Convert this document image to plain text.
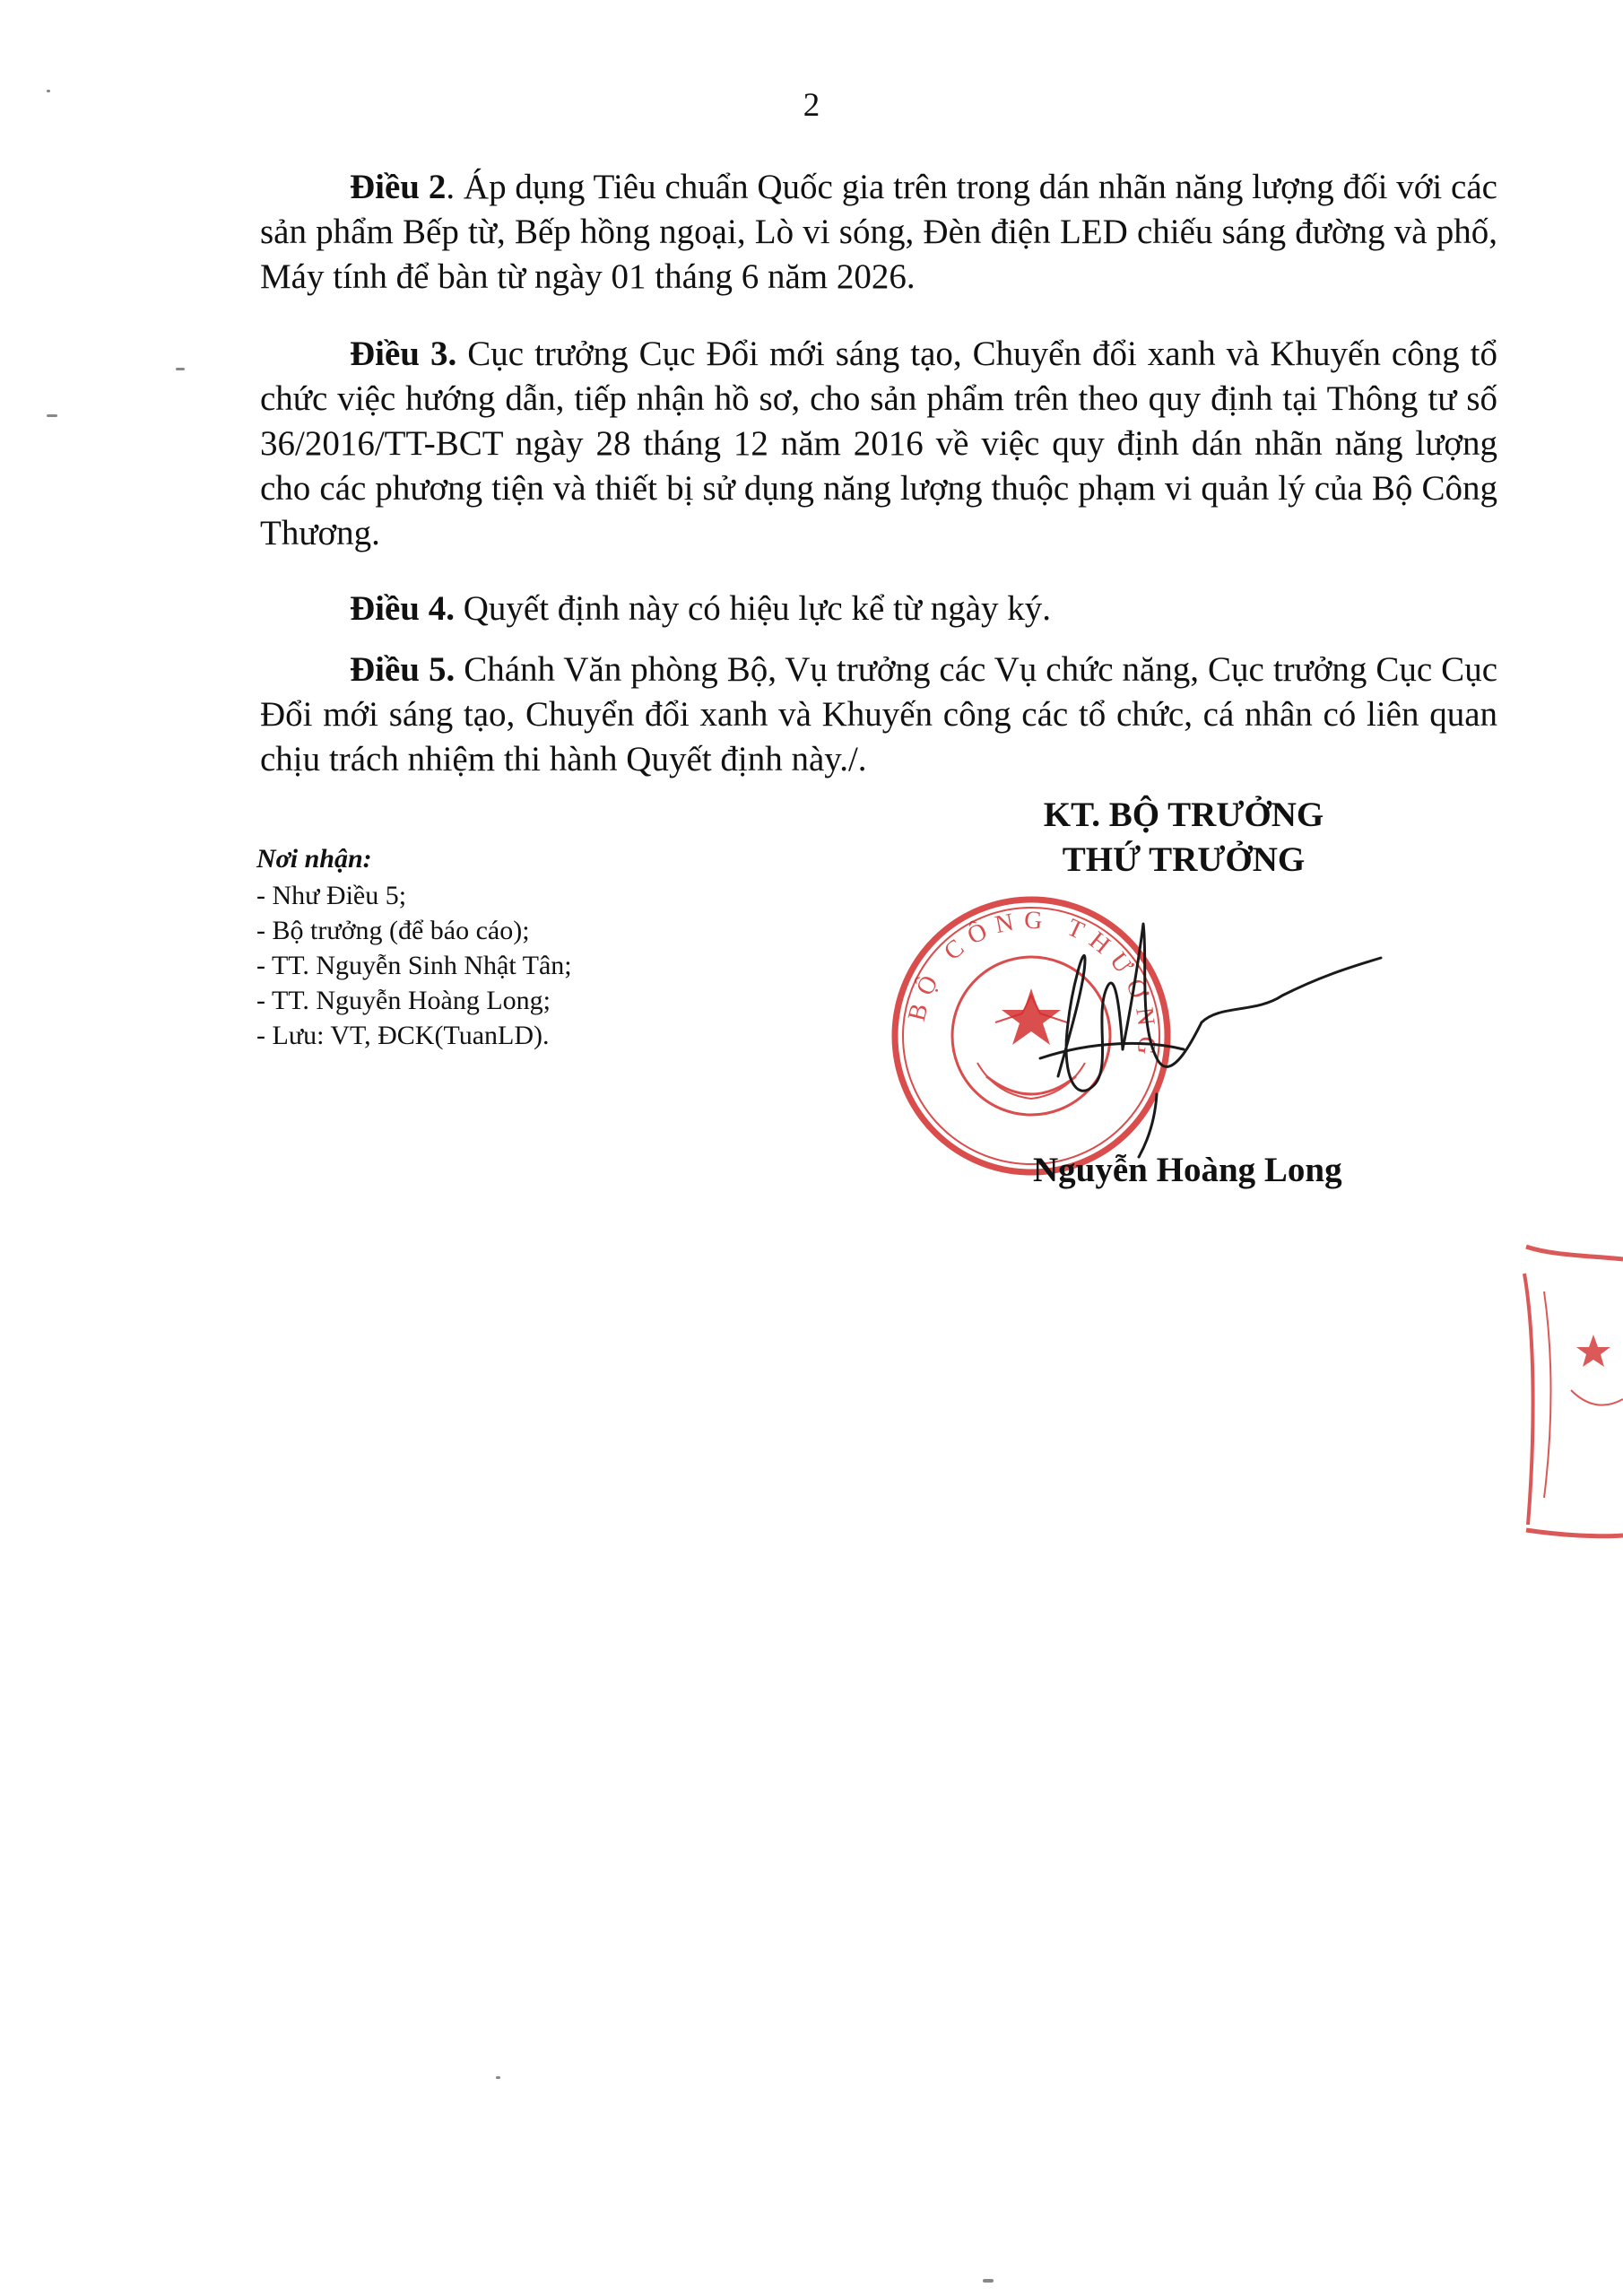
2

Điều 2. Áp dụng Tiêu chuẩn Quốc gia trên trong dán nhãn năng lượng đối với các sản phẩm Bếp từ, Bếp hồng ngoại, Lò vi sóng, Đèn điện LED chiếu sáng đường và phố, Máy tính để bàn từ ngày 01 tháng 6 năm 2026.

Điều 3. Cục trưởng Cục Đổi mới sáng tạo, Chuyển đổi xanh và Khuyến công tổ chức việc hướng dẫn, tiếp nhận hồ sơ, cho sản phẩm trên theo quy định tại Thông tư số 36/2016/TT-BCT ngày 28 tháng 12 năm 2016 về việc quy định dán nhãn năng lượng cho các phương tiện và thiết bị sử dụng năng lượng thuộc phạm vi quản lý của Bộ Công Thương.

Điều 4. Quyết định này có hiệu lực kể từ ngày ký.

Điều 5. Chánh Văn phòng Bộ, Vụ trưởng các Vụ chức năng, Cục trưởng Cục Cục Đổi mới sáng tạo, Chuyển đổi xanh và Khuyến công các tổ chức, cá nhân có liên quan chịu trách nhiệm thi hành Quyết định này./.

Nơi nhận:
- Như Điều 5;
- Bộ trưởng (để báo cáo);
- TT. Nguyễn Sinh Nhật Tân;
- TT. Nguyễn Hoàng Long;
- Lưu: VT, ĐCK(TuanLD).
KT. BỘ TRƯỞNG
THỨ TRƯỞNG
BỘ CÔNG THƯƠNG
Nguyễn Hoàng Long
